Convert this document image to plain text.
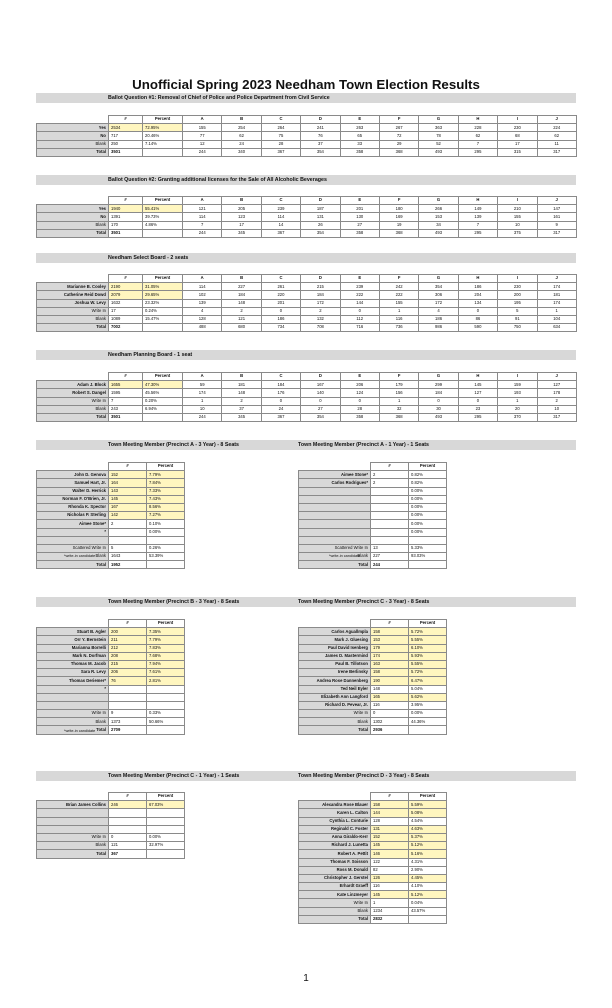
Unofficial Spring 2023 Needham Town Election Results
Ballot Question #1: Removal of Chief of Police and Police Department from Civil Service
Ballot Question #2: Granting additional licenses for the Sale of All Alcoholic Beverages
Needham Select Board - 2 seats
Needham Planning Board - 1 seat
Town Meeting Member (Precinct A - 3 Year) - 8 Seats	Town Meeting Member (Precinct A - 1 Year) - 1 Seats
Town Meeting Member (Precinct B - 3 Year) - 8 Seats	Town Meeting Member (Precinct C - 3 Year) - 8 Seats
Town Meeting Member (Precinct C - 1 Year) - 1 Seats	Town Meeting Member (Precinct D - 3 Year) - 8 Seats
	#	Percent	A	B	C	D	E	F	G	H	I	J
Yes	2534	72.95%	155	254	264	241	263	267	363	228	230	224
No	717	20.46%	77	62	75	76	65	72	78	62	68	62
Blank	250	7.14%	12	24	28	37	33	29	52	7	17	11
Total	3501		244	340	367	354	358	368	493	295	315	317
	#	Percent	A	B	C	D	E	F	G	H	I	J
Yes	1940	55.41%	121	205	239	187	201	180	266	149	210	147
No	1391	39.73%	114	123	114	131	130	169	153	139	155	161
Blank	170	4.86%	7	17	14	26	27	19	34	7	10	9
Total	3501		244	345	367	354	358	368	493	295	375	317
	#	Percent	A	B	C	D	E	F	G	H	I	J
Marianne B. Cooley	2190	31.05%	114	227	261	215	239	242	354	186	230	174
Catherine Reid Dowd	2079	29.65%	102	184	220	184	222	222	306	204	200	181
Joshua W. Levy	1632	23.32%	139	148	201	172	144	155	172	134	195	174
Write In	17	0.24%	4	2	0	2	0	1	4	0	5	1
Blank	1089	15.47%	128	121	186	132	112	116	186	86	91	104
Total	7002		488	680	734	708	716	736	986	590	750	634
	#	Percent	A	B	C	D	E	F	G	H	I	J
Adam J. Block	1655	47.30%	59	181	184	167	206	179	299	145	159	127
Robert S. Dangel	1595	45.56%	174	148	176	140	124	156	184	127	193	178
Write In	7	0.20%	1	2	0	0	0	1	0	0	1	2
Blank	243	6.94%	10	37	24	27	28	32	30	23	20	10
Total	3501		244	345	367	354	358	368	493	295	370	317
	#	Percent
John D. Genova	152	7.79%
Samuel Hart, Jr.	164	7.84%
Walter D. Herrick	143	7.33%
Norman F. O'Brien, Jr.	145	7.43%
Rhonda K. Spector	167	8.56%
Nicholas P. Sterling	142	7.27%
Aimee Stone*	2	0.10%
*		0.00%

Scattered Write In	5	0.26%
Blank	1643	53.39%
Total	1952	
	#	Percent
Aimee Stone*	2	0.82%
Carlos Rodrigues*	2	0.82%
		0.00%
		0.00%
		0.00%
		0.00%
		0.00%
		0.00%

Scattered Write In	13	5.33%
Blank	227	93.03%
Total	244	
	#	Percent
Stuart B. Agler	200	7.35%
Orr Y. Bernstein	211	7.79%
Marianna Borrelli	212	7.83%
Mark N. Dorfman	208	7.68%
Thomas M. Jacob	215	7.94%
Sara R. Levy	206	7.61%
Thomas Deriemer*	76	2.81%
*		

Write In	9	0.33%
Blank	1373	50.66%
Total	2709	
	#	Percent
Carlos Aguallmpla	158	5.72%
Mark J. Gluesing	153	5.55%
Paul David Isenberg	179	6.10%
James D. Mastermind	174	5.93%
Paul B. Tillotson	163	5.55%
Irene Berlinsky	158	5.72%
Andrea Rose Dannenberg	190	6.47%
Ted Neil Eyler	148	5.04%
Elizabeth Ann Langford	165	5.62%
Richard D. Pevear, Jr.	116	3.95%
Write In	0	0.00%
Blank	1302	44.36%
Total	2936	
	#	Percent
Brian James Collins	246	67.03%

Write In	0	0.00%
Blank	121	32.97%
Total	367	
	#	Percent
Alexandra Rose Blauer	158	5.59%
Karen L. Calton	144	5.08%
Cynthia L. Conturie	128	4.54%
Reginald C. Foster	131	4.63%
Anna Giraldo-Kerr	152	5.37%
Richard J. Lunetta	145	5.12%
Robert A. Pettit	146	5.16%
Thomas F. Soisson	122	4.31%
Ross M. Donald	82	2.90%
Christopher J. Gerstel	126	4.45%
Erhardt Graeff	116	4.10%
Kate Linzmeyer	145	5.12%
Write In	1	0.04%
Blank	1234	43.57%
Total	2832	
*write-in candidate	*write-in candidate
*write-in candidate
1
